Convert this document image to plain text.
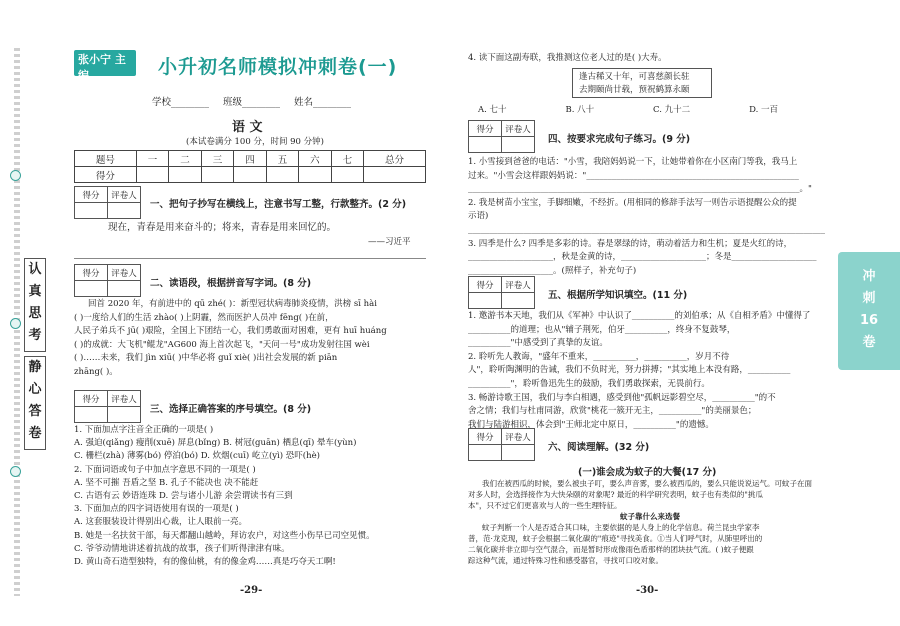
认
真
思
考
静
心
答
卷
张小宁 主编
一 — 9FT 2020 —
小升初名师模拟冲刺卷(一)
学校________ 班级________ 姓名________
语 文
(本试卷满分 100 分，时间 90 分钟)
题号	一	二	三	四	五	六	七	总分
得分								
得分	评卷人

一、把句子抄写在横线上，注意书写工整，行款整齐。(2 分)
现在，青春是用来奋斗的；将来，青春是用来回忆的。
——习近平
得分	评卷人

二、读语段，根据拼音写字词。(8 分)
回首 2020 年，有前进中的 qū zhé( )：新型冠状病毒肺炎疫情，洪榜 sī hài
( )一度给人们的生活 zhào( )上阴霾，然而医护人员冲 fēng( )在前，
人民子弟兵不 jū( )艰险，全国上下团结一心，我们勇敢面对困难，更有 huī huáng
( )的成就：大飞机"鲲龙"AG600 海上首次起飞，"天问一号"成功发射往国 wèi
( )……未来，我们 jìn xiū( )中华必将 guǐ xiè( )出社会发展的新 piān
zhāng( )。
得分	评卷人

三、选择正确答案的序号填空。(8 分)
1. 下面加点字注音全正确的一项是( )
A. 强迫(qiǎng) 瘦削(xuē) 屏息(bǐng) B. 树冠(guān) 栖息(qī) 晕车(yùn)
C. 栅栏(zhà) 薄雾(bó) 停泊(bó) D. 炊烟(cuī) 屹立(yì) 恐吓(hè)
2. 下面词语或句子中加点字意思不同的一项是( )
A. 坚不可摧 吾盾之坚 B. 孔子不能决也 决不能赶
C. 古语有云 妙语连珠 D. 尝与诸小儿游 余尝谓读书有三到
3. 下面加点的四字词语使用有误的一项是( )
A. 这套服装设计得别出心裁，让人眼前一亮。
B. 她是一名扶贫干部，每天都翻山越岭，拜访农户，对这些小伤早已司空见惯。
C. 爷爷动情地讲述着抗战的故事，孩子们听得津津有味。
D. 黄山奇石造型独特，有的像仙桃，有的像金鸡……真是巧夺天工啊!
-29-
4. 读下面这副寿联，我推测这位老人过的是( )大寿。
逢古稀又十年，可喜慈颜长驻
去期颐尚廿载，预祝鹤算永颐
A. 七十	B. 八十	C. 九十二	D. 一百
得分	评卷人

四、按要求完成句子练习。(9 分)
1. 小雪接到爸爸的电话："小雪，我陪妈妈说一下，让她带着你在小区南门等我，我马上
过来。"小雪会这样跟妈妈说："__________________________________________________
______________________________________________________________________________。"
2. 我是树苗小宝宝，手脚细嫩，不经折。(用相同的修辞手法写一则告示语提醒公众的提
示语)
____________________________________________________________________________________
3. 四季是什么? 四季是多彩的诗。春是翠绿的诗，萌动着活力和生机；夏是火红的诗，
____________________，秋是金黄的诗，____________________；冬是____________________
____________________。(照样子，补充句子)
得分	评卷人

五、根据所学知识填空。(11 分)
1. 邀游书本天地，我们从《军神》中认识了__________的刘伯承；从《自相矛盾》中懂得了
__________的道理；也从"辅子荆死，伯牙__________，终身不复鼓琴，
__________"中感受到了真挚的友谊。
2. 聆听先人教诲，"盛年不重来，__________，__________，岁月不待
人"，聆听陶渊明的告诫，我们不负时光，努力拼搏；"其实地上本没有路，__________
__________"，聆听鲁迅先生的鼓励，我们勇敢探索，无畏前行。
3. 畅游诗歌王国，我们与李白相遇，感受到他"孤帆远影碧空尽，__________"的不
舍之情；我们与杜甫同游，欣赏"桃花一簇开无主，__________"的美丽景色；
我们与陆游相识，体会到"王师北定中原日，__________"的遗憾。
得分	评卷人

六、阅读理解。(32 分)
(一)谁会成为蚊子的大餐(17 分)
我们在被西瓜的时候，要么被虫子叮，要么声音雾，要么被西瓜的，要么只能说说运气。可蚊子在面
对多人时，会选择接作为大快朵颐的对象呢? 最近的科学研究表明，蚊子也有类似的"挑瓜
本"，只不过它们更喜欢与人的一些生理特征。
蚊子靠什么来选餐
蚊子判断一个人是否适合其口味，主要依据的是人身上的化学信息。荷兰昆虫学家李
普，范·龙克现，蚊子会根据二氧化碳的"痕迹"寻找美食。①当人们呼气时，从肺里呼出的
二氧化碳并非立即与空气混合，而是暂时形成像雨色盾那样的团块扶气流。( )蚊子便跟
踪这种气流，通过特殊习性和感受器官，寻找可口咬对象。
-30-
冲
刺
16
卷
